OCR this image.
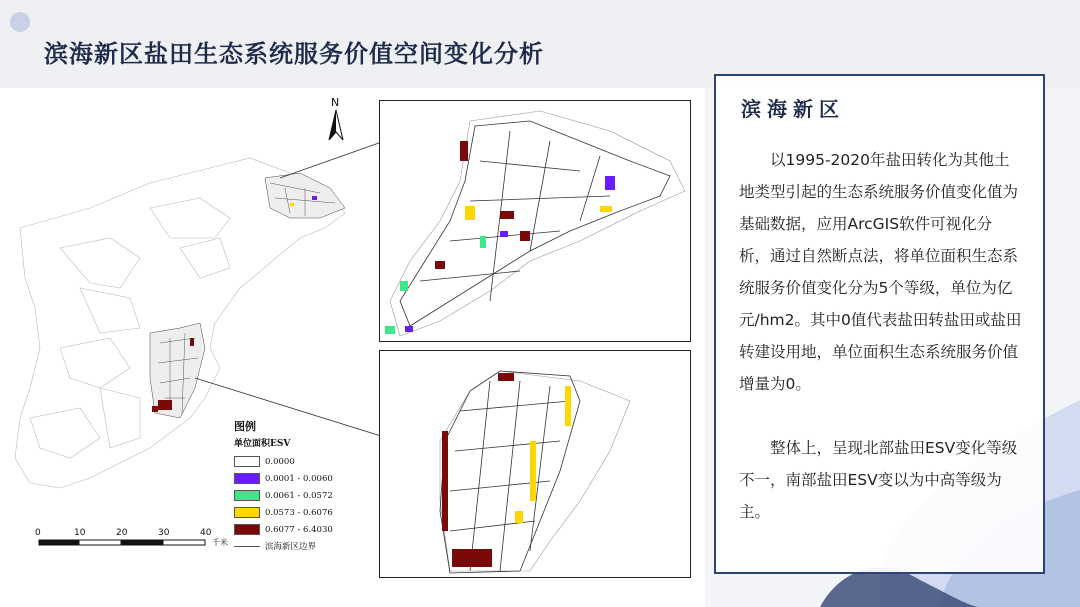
滨海新区盐田生态系统服务价值空间变化分析
N
图例
单位面积ESV
0.0000
0.0001 - 0.0060
0.0061 - 0.0572
0.0573 - 0.6076
0.6077 - 6.4030
滨海新区边界
0	10	20	30	40
千米
滨海新区

以1995-2020年盐田转化为其他土地类型引起的生态系统服务价值变化值为基础数据，应用ArcGIS软件可视化分析，通过自然断点法，将单位面积生态系统服务价值变化分为5个等级，单位为亿元/hm2。其中0值代表盐田转盐田或盐田转建设用地，单位面积生态系统服务价值增量为0。

整体上，呈现北部盐田ESV变化等级不一，南部盐田ESV变以为中高等级为主。
